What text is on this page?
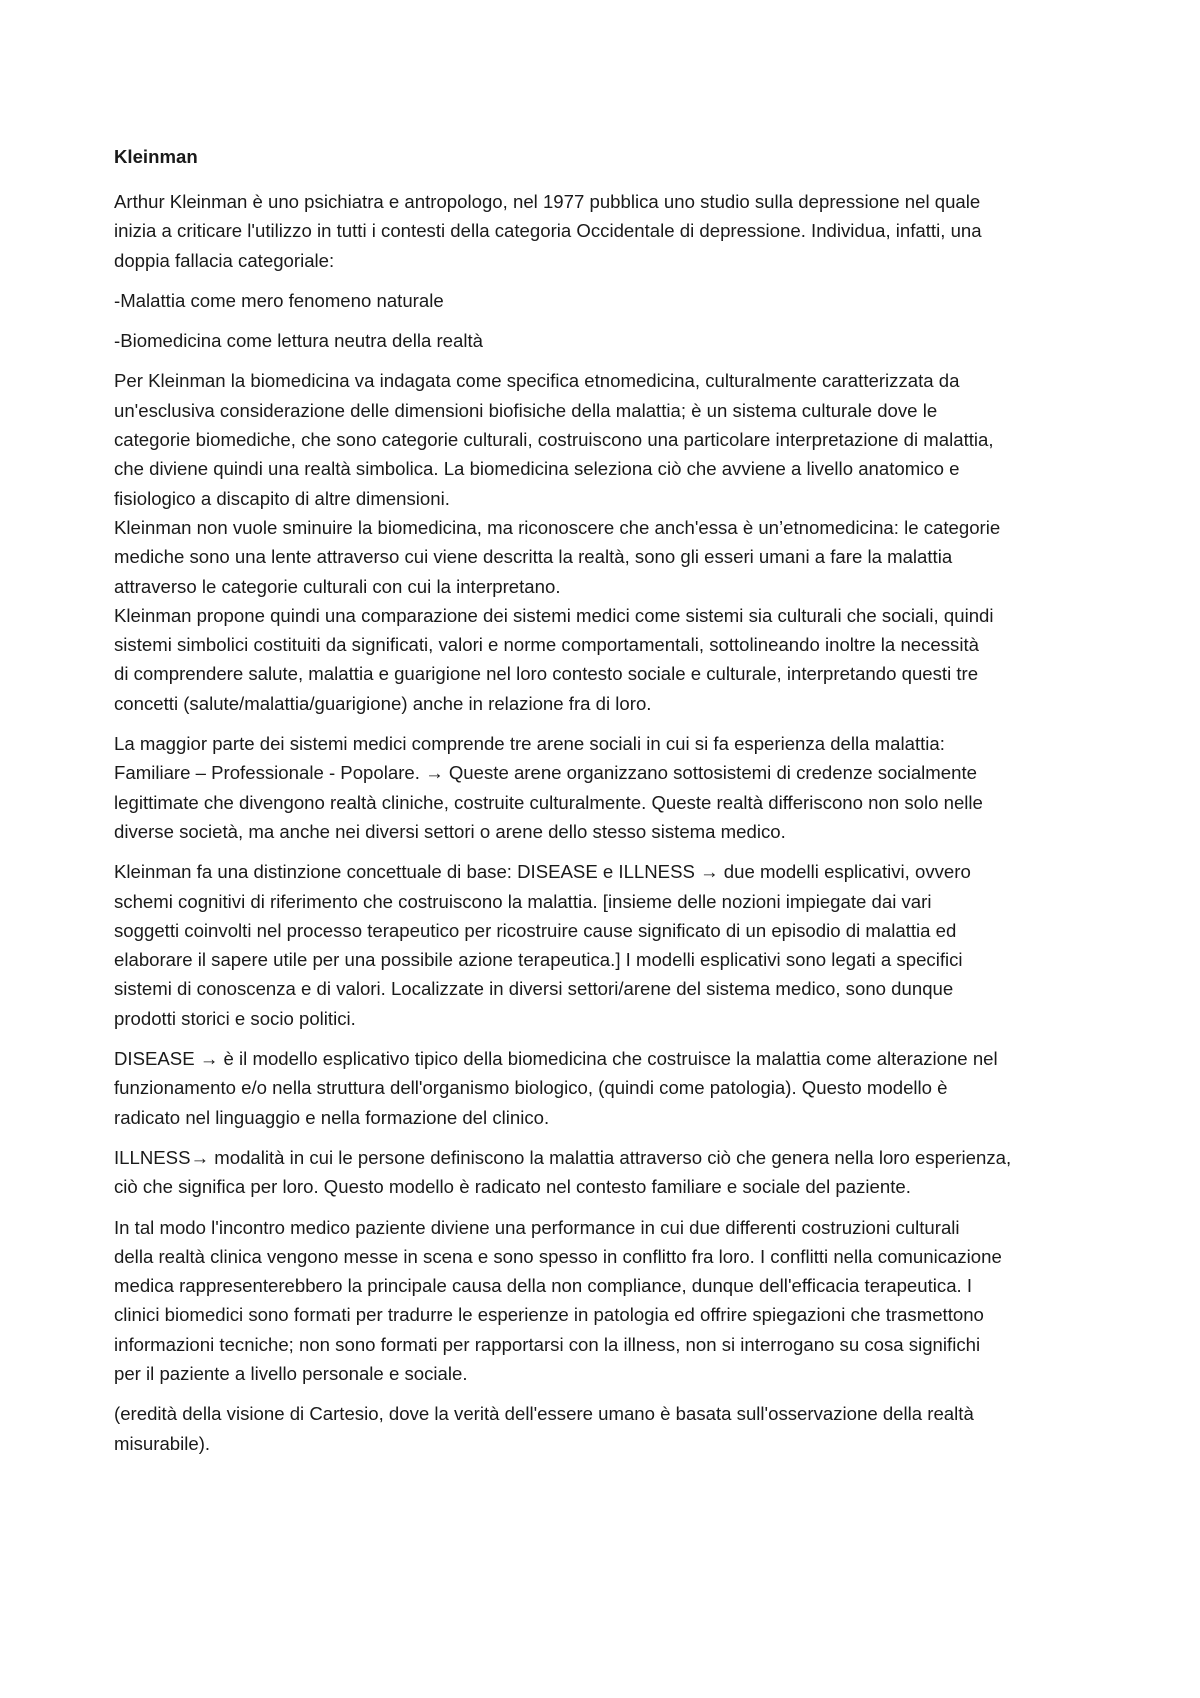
Kleinman
Arthur Kleinman è uno psichiatra e antropologo, nel 1977 pubblica uno studio sulla depressione nel quale
inizia a criticare l'utilizzo in tutti i contesti della categoria Occidentale di depressione. Individua, infatti, una
doppia fallacia categoriale:
-Malattia come mero fenomeno naturale
-Biomedicina come lettura neutra della realtà
Per Kleinman la biomedicina va indagata come specifica etnomedicina, culturalmente caratterizzata da
un'esclusiva considerazione delle dimensioni biofisiche della malattia; è un sistema culturale dove le
categorie biomediche, che sono categorie culturali, costruiscono una particolare interpretazione di malattia,
che diviene quindi una realtà simbolica. La biomedicina seleziona ciò che avviene a livello anatomico e
fisiologico a discapito di altre dimensioni.
Kleinman non vuole sminuire la biomedicina, ma riconoscere che anch'essa è un’etnomedicina: le categorie
mediche sono una lente attraverso cui viene descritta la realtà, sono gli esseri umani a fare la malattia
attraverso le categorie culturali con cui la interpretano.
Kleinman propone quindi una comparazione dei sistemi medici come sistemi sia culturali che sociali, quindi
sistemi simbolici costituiti da significati, valori e norme comportamentali, sottolineando inoltre la necessità
di comprendere salute, malattia e guarigione nel loro contesto sociale e culturale, interpretando questi tre
concetti (salute/malattia/guarigione) anche in relazione fra di loro.
La maggior parte dei sistemi medici comprende tre arene sociali in cui si fa esperienza della malattia:
Familiare – Professionale - Popolare. → Queste arene organizzano sottosistemi di credenze socialmente
legittimate che divengono realtà cliniche, costruite culturalmente. Queste realtà differiscono non solo nelle
diverse società, ma anche nei diversi settori o arene dello stesso sistema medico.
Kleinman fa una distinzione concettuale di base: DISEASE e ILLNESS → due modelli esplicativi, ovvero
schemi cognitivi di riferimento che costruiscono la malattia. [insieme delle nozioni impiegate dai vari
soggetti coinvolti nel processo terapeutico per ricostruire cause significato di un episodio di malattia ed
elaborare il sapere utile per una possibile azione terapeutica.] I modelli esplicativi sono legati a specifici
sistemi di conoscenza e di valori. Localizzate in diversi settori/arene del sistema medico, sono dunque
prodotti storici e socio politici.
DISEASE → è il modello esplicativo tipico della biomedicina che costruisce la malattia come alterazione nel
funzionamento e/o nella struttura dell'organismo biologico, (quindi come patologia). Questo modello è
radicato nel linguaggio e nella formazione del clinico.
ILLNESS→ modalità in cui le persone definiscono la malattia attraverso ciò che genera nella loro esperienza,
ciò che significa per loro. Questo modello è radicato nel contesto familiare e sociale del paziente.
In tal modo l'incontro medico paziente diviene una performance in cui due differenti costruzioni culturali
della realtà clinica vengono messe in scena e sono spesso in conflitto fra loro. I conflitti nella comunicazione
medica rappresenterebbero la principale causa della non compliance, dunque dell'efficacia terapeutica. I
clinici biomedici sono formati per tradurre le esperienze in patologia ed offrire spiegazioni che trasmettono
informazioni tecniche; non sono formati per rapportarsi con la illness, non si interrogano su cosa significhi
per il paziente a livello personale e sociale.
(eredità della visione di Cartesio, dove la verità dell'essere umano è basata sull'osservazione della realtà
misurabile).
